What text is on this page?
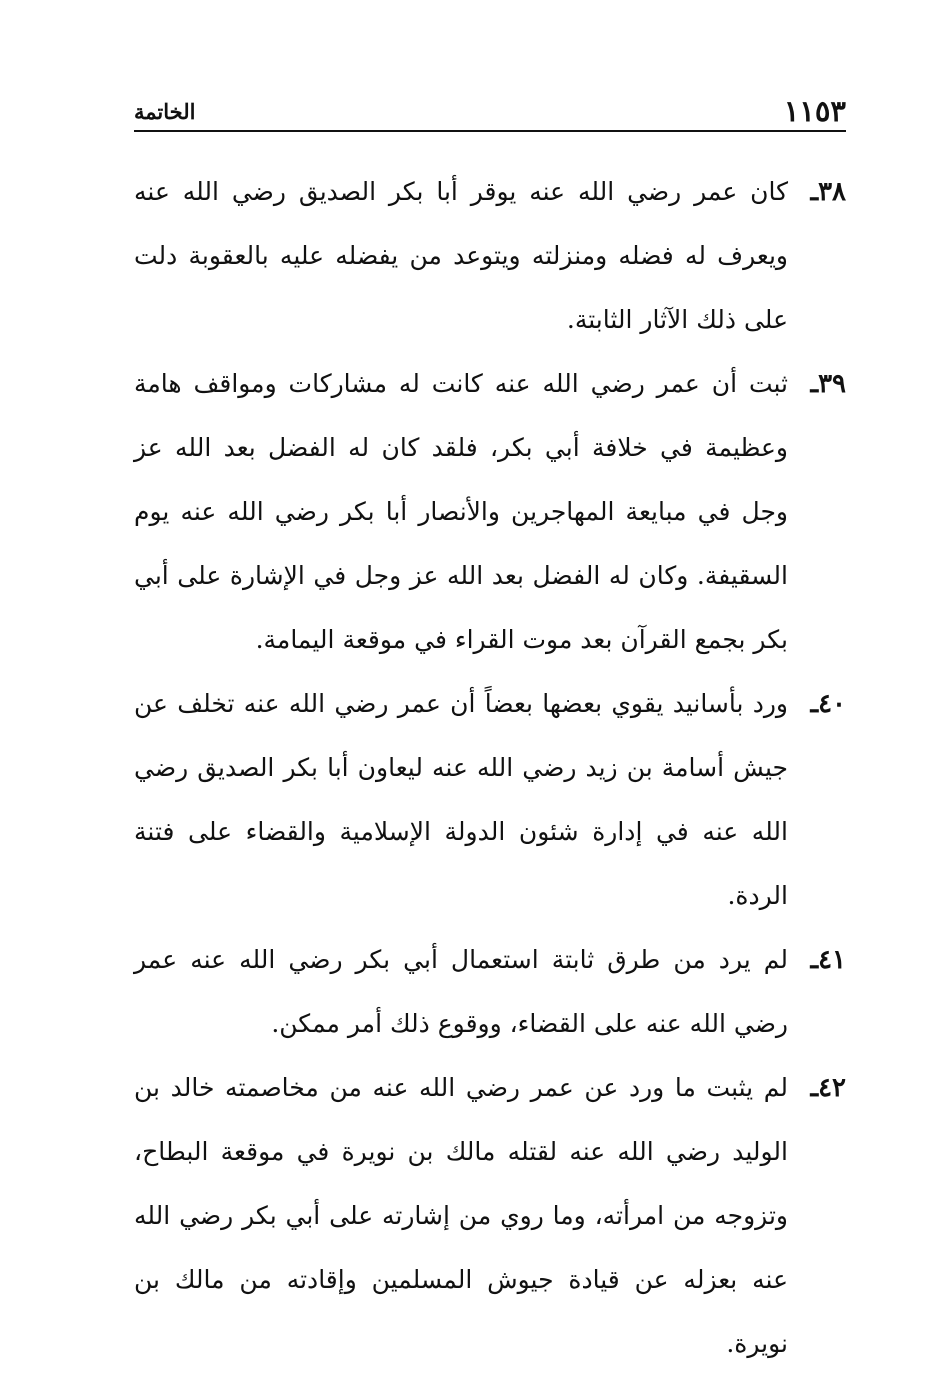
١١٥٣
الخاتمة
٣٨ـ
كان عمر رضي الله عنه يوقر أبا بكر الصديق رضي الله عنه ويعرف له فضله ومنزلته ويتوعد من يفضله عليه بالعقوبة دلت على ذلك الآثار الثابتة.
٣٩ـ
ثبت أن عمر رضي الله عنه كانت له مشاركات ومواقف هامة وعظيمة في خلافة أبي بكر، فلقد كان له الفضل بعد الله عز وجل في مبايعة المهاجرين والأنصار أبا بكر رضي الله عنه يوم السقيفة. وكان له الفضل بعد الله عز وجل في الإشارة على أبي بكر بجمع القرآن بعد موت القراء في موقعة اليمامة.
٤٠ـ
ورد بأسانيد يقوي بعضها بعضاً أن عمر رضي الله عنه تخلف عن جيش أسامة بن زيد رضي الله عنه ليعاون أبا بكر الصديق رضي الله عنه في إدارة شئون الدولة الإسلامية والقضاء على فتنة الردة.
٤١ـ
لم يرد من طرق ثابتة استعمال أبي بكر رضي الله عنه عمر رضي الله عنه على القضاء، ووقوع ذلك أمر ممكن.
٤٢ـ
لم يثبت ما ورد عن عمر رضي الله عنه من مخاصمته خالد بن الوليد رضي الله عنه لقتله مالك بن نويرة في موقعة البطاح، وتزوجه من امرأته، وما روي من إشارته على أبي بكر رضي الله عنه بعزله عن قيادة جيوش المسلمين وإقادته من مالك بن نويرة.
